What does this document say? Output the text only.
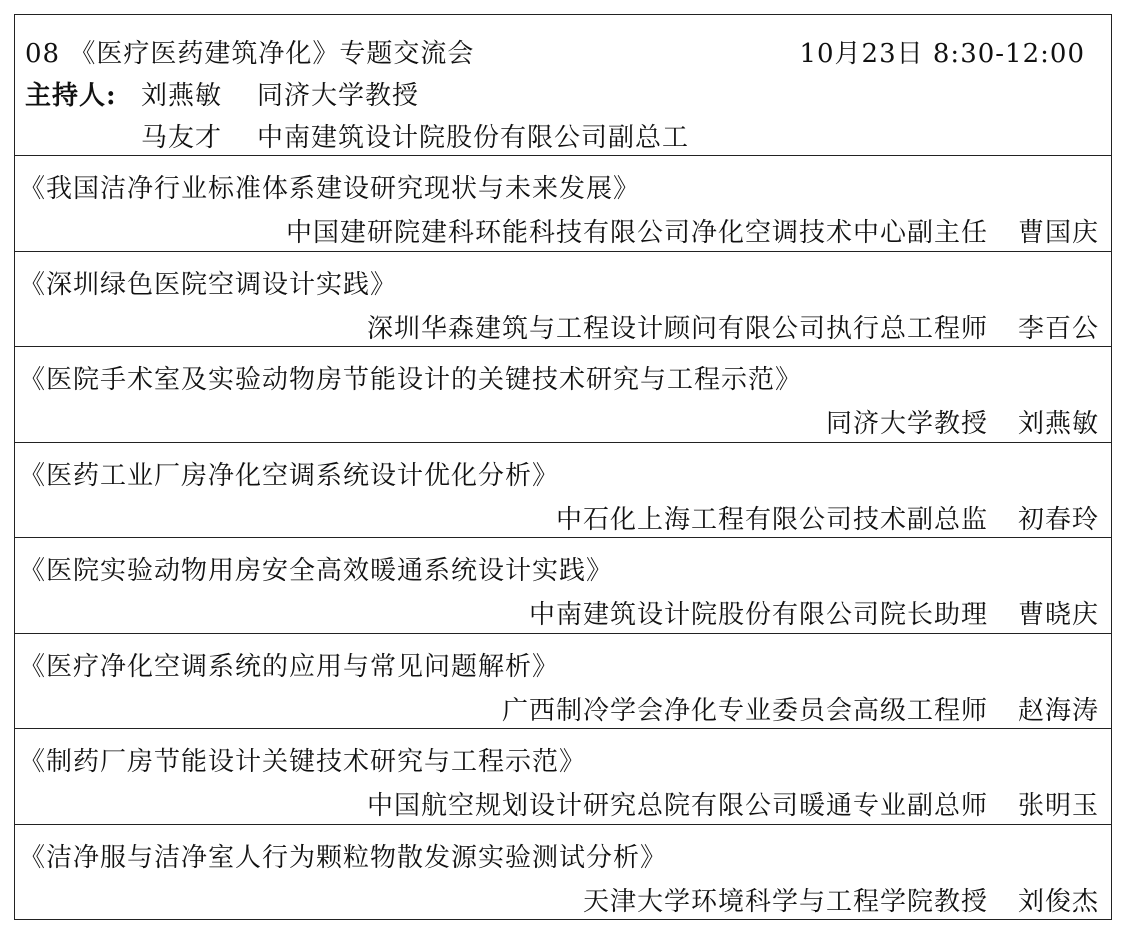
08 《医疗医药建筑净化》专题交流会	10月23日 8:30-12:00
主持人: 刘燕敏 同济大学教授
马友才 中南建筑设计院股份有限公司副总工
《我国洁净行业标准体系建设研究现状与未来发展》
中国建研院建科环能科技有限公司净化空调技术中心副主任 曹国庆
《深圳绿色医院空调设计实践》
深圳华森建筑与工程设计顾问有限公司执行总工程师 李百公
《医院手术室及实验动物房节能设计的关键技术研究与工程示范》
同济大学教授 刘燕敏
《医药工业厂房净化空调系统设计优化分析》
中石化上海工程有限公司技术副总监 初春玲
《医院实验动物用房安全高效暖通系统设计实践》
中南建筑设计院股份有限公司院长助理 曹晓庆
《医疗净化空调系统的应用与常见问题解析》
广西制冷学会净化专业委员会高级工程师 赵海涛
《制药厂房节能设计关键技术研究与工程示范》
中国航空规划设计研究总院有限公司暖通专业副总师 张明玉
《洁净服与洁净室人行为颗粒物散发源实验测试分析》
天津大学环境科学与工程学院教授 刘俊杰
